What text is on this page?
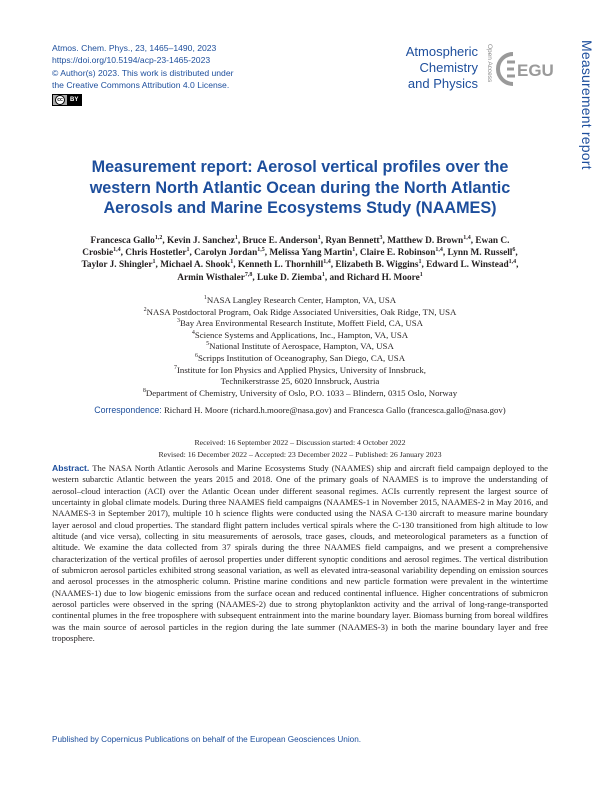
Measurement report
Atmos. Chem. Phys., 23, 1465–1490, 2023
https://doi.org/10.5194/acp-23-1465-2023
© Author(s) 2023. This work is distributed under
the Creative Commons Attribution 4.0 License.
cc	BY
Atmospheric
Chemistry
and Physics
Open Access EGU
Measurement report: Aerosol vertical profiles over the western North Atlantic Ocean during the North Atlantic Aerosols and Marine Ecosystems Study (NAAMES)
Francesca Gallo$^{1,2}$, Kevin J. Sanchez$^1$, Bruce E. Anderson$^1$, Ryan Bennett$^3$, Matthew D. Brown$^{1,4}$, Ewan C. Crosbie$^{1,4}$, Chris Hostetler$^1$, Carolyn Jordan$^{1,5}$, Melissa Yang Martin$^1$, Claire E. Robinson$^{1,4}$, Lynn M. Russell$^6$, Taylor J. Shingler$^1$, Michael A. Shook$^1$, Kenneth L. Thornhill$^{1,4}$, Elizabeth B. Wiggins$^1$, Edward L. Winstead$^{1,4}$, Armin Wisthaler$^{7,8}$, Luke D. Ziemba$^1$, and Richard H. Moore$^1$
$^1$NASA Langley Research Center, Hampton, VA, USA
$^2$NASA Postdoctoral Program, Oak Ridge Associated Universities, Oak Ridge, TN, USA
$^3$Bay Area Environmental Research Institute, Moffett Field, CA, USA
$^4$Science Systems and Applications, Inc., Hampton, VA, USA
$^5$National Institute of Aerospace, Hampton, VA, USA
$^6$Scripps Institution of Oceanography, San Diego, CA, USA
$^7$Institute for Ion Physics and Applied Physics, University of Innsbruck,
Technikerstrasse 25, 6020 Innsbruck, Austria
$^8$Department of Chemistry, University of Oslo, P.O. 1033 – Blindern, 0315 Oslo, Norway
Correspondence: Richard H. Moore (richard.h.moore@nasa.gov) and Francesca Gallo (francesca.gallo@nasa.gov)
Received: 16 September 2022 – Discussion started: 4 October 2022
Revised: 16 December 2022 – Accepted: 23 December 2022 – Published: 26 January 2023
Abstract. The NASA North Atlantic Aerosols and Marine Ecosystems Study (NAAMES) ship and aircraft field campaign deployed to the western subarctic Atlantic between the years 2015 and 2018. One of the primary goals of NAAMES is to improve the understanding of aerosol–cloud interaction (ACI) over the Atlantic Ocean under different seasonal regimes. ACIs currently represent the largest source of uncertainty in global climate models. During three NAAMES field campaigns (NAAMES-1 in November 2015, NAAMES-2 in May 2016, and NAAMES-3 in September 2017), multiple 10 h science flights were conducted using the NASA C-130 aircraft to measure marine boundary layer aerosol and cloud properties. The standard flight pattern includes vertical spirals where the C-130 transitioned from high altitude to low altitude (and vice versa), collecting in situ measurements of aerosols, trace gases, clouds, and meteorological parameters as a function of altitude. We examine the data collected from 37 spirals during the three NAAMES field campaigns, and we present a comprehensive characterization of the vertical profiles of aerosol properties under different synoptic conditions and aerosol regimes. The vertical distribution of submicron aerosol particles exhibited strong seasonal variation, as well as elevated intra-seasonal variability depending on emission sources and aerosol processes in the atmospheric column. Pristine marine conditions and new particle formation were prevalent in the wintertime (NAAMES-1) due to low biogenic emissions from the surface ocean and reduced continental influence. Higher concentrations of submicron aerosol particles were observed in the spring (NAAMES-2) due to strong phytoplankton activity and the arrival of long-range-transported continental plumes in the free troposphere with subsequent entrainment into the marine boundary layer. Biomass burning from boreal wildfires was the main source of aerosol particles in the region during the late summer (NAAMES-3) in both the marine boundary layer and free troposphere.
Published by Copernicus Publications on behalf of the European Geosciences Union.
